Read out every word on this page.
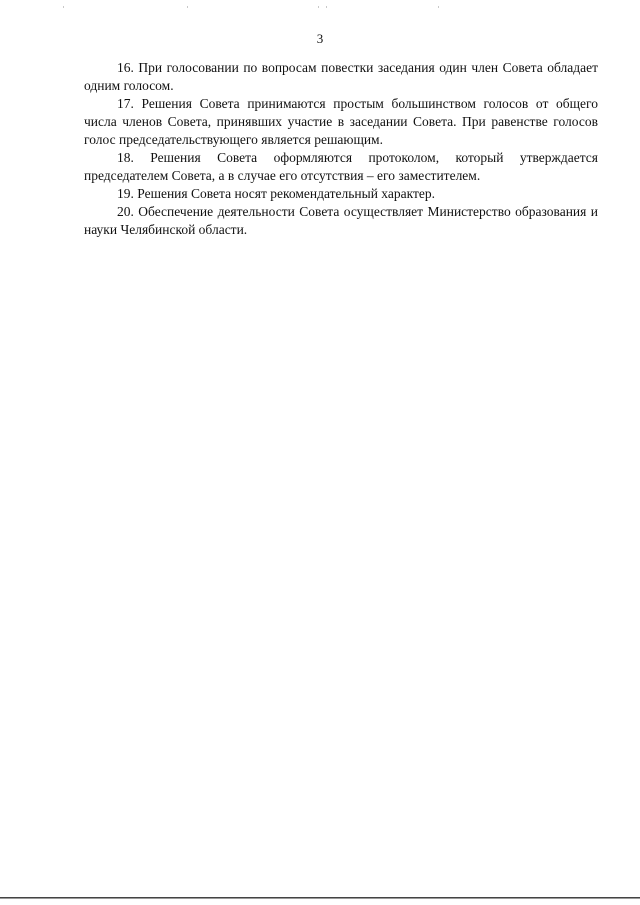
3

16. При голосовании по вопросам повестки заседания один член Совета обладает одним голосом.

17. Решения Совета принимаются простым большинством голосов от общего числа членов Совета, принявших участие в заседании Совета. При равенстве голосов голос председательствующего является решающим.

18. Решения Совета оформляются протоколом, который утверждается председателем Совета, а в случае его отсутствия – его заместителем.

19. Решения Совета носят рекомендательный характер.

20. Обеспечение деятельности Совета осуществляет Министерство образования и науки Челябинской области.
